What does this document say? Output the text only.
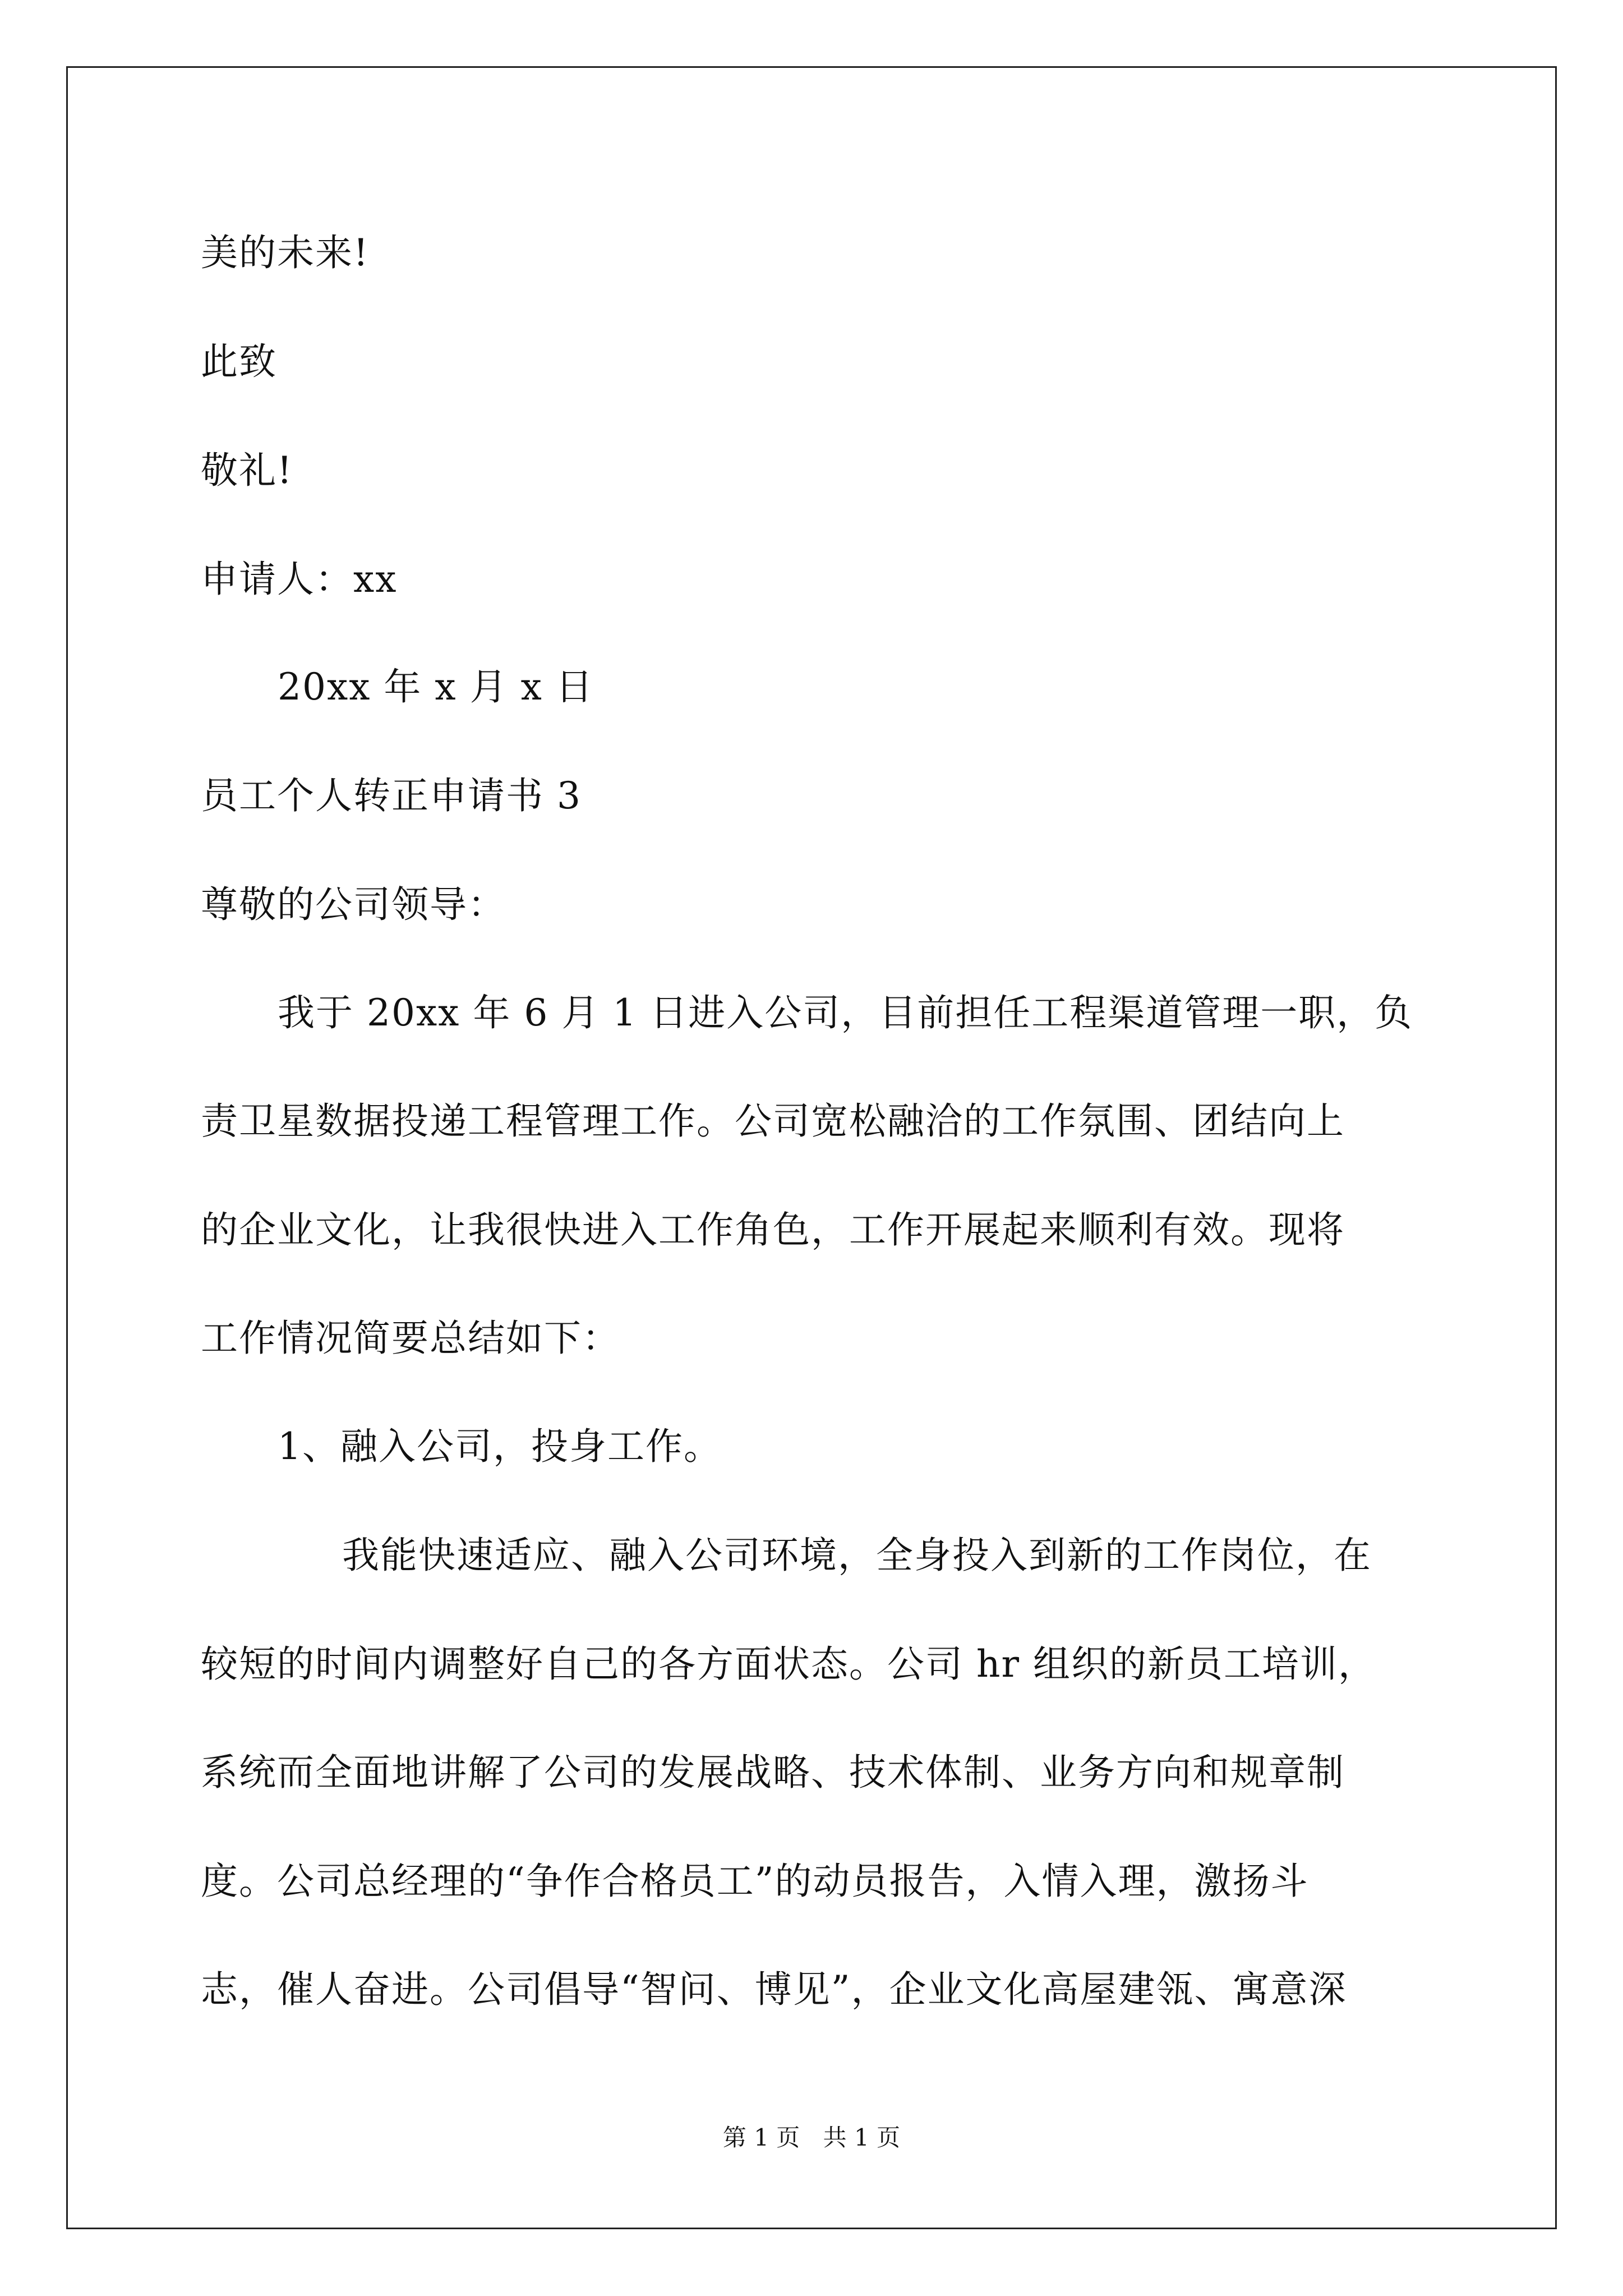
美的未来!
此致
敬礼!
申请人：xx
20xx 年 x 月 x 日
员工个人转正申请书 3
尊敬的公司领导：
我于 20xx 年 6 月 1 日进入公司，目前担任工程渠道管理一职，负
责卫星数据投递工程管理工作。公司宽松融洽的工作氛围、团结向上
的企业文化，让我很快进入工作角色，工作开展起来顺利有效。现将
工作情况简要总结如下：
1、融入公司，投身工作。
我能快速适应、融入公司环境，全身投入到新的工作岗位，在
较短的时间内调整好自己的各方面状态。公司 hr 组织的新员工培训，
系统而全面地讲解了公司的发展战略、技术体制、业务方向和规章制
度。公司总经理的“争作合格员工”的动员报告，入情入理，激扬斗
志，催人奋进。公司倡导“智问、博见”，企业文化高屋建瓴、寓意深
第 1 页 共 1 页
